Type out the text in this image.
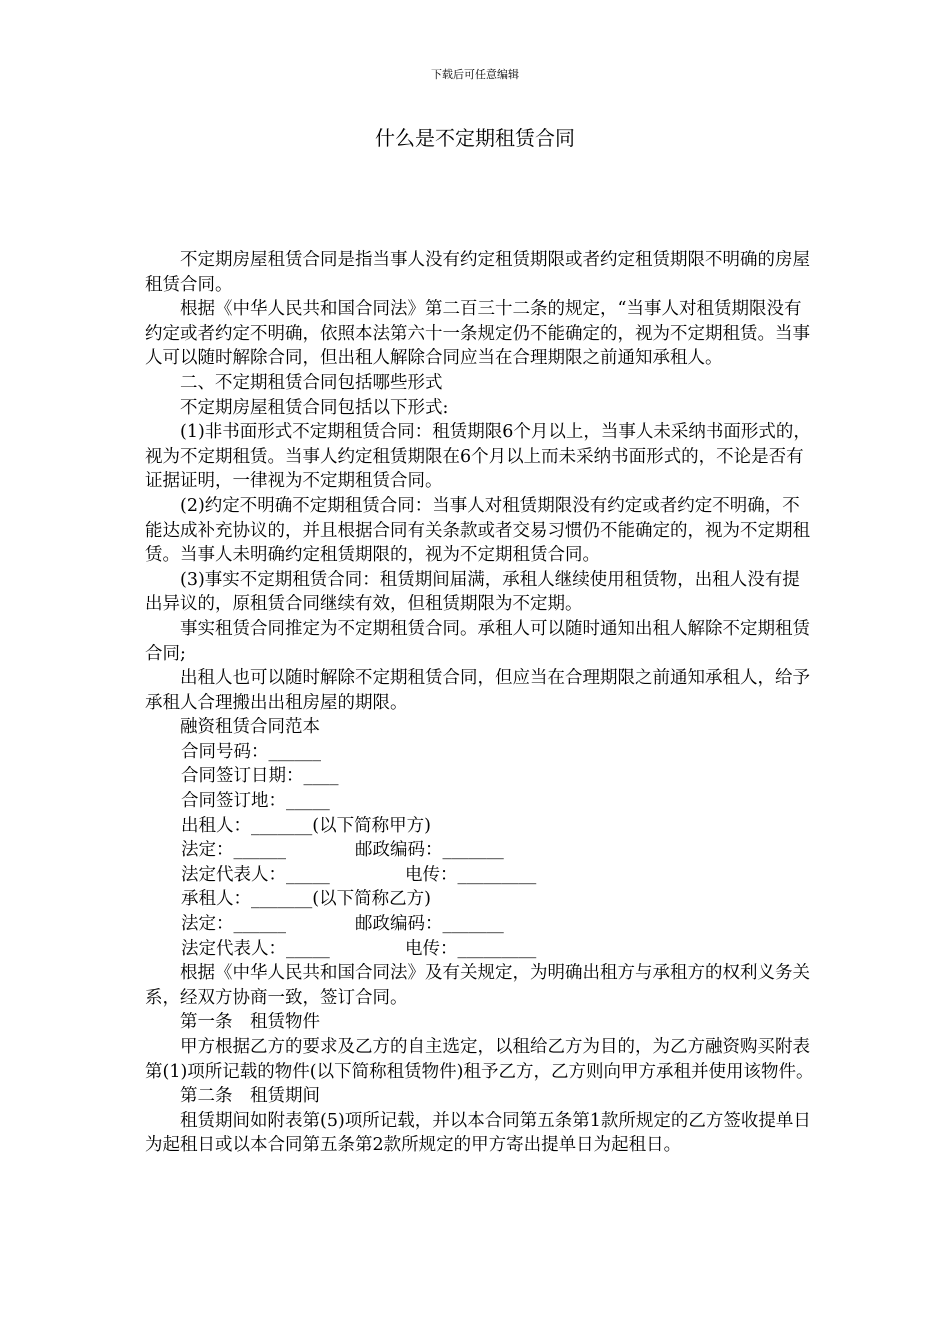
下载后可任意编辑
什么是不定期租赁合同

不定期房屋租赁合同是指当事人没有约定租赁期限或者约定租赁期限不明确的房屋租赁合同。

根据《中华人民共和国合同法》第二百三十二条的规定，“当事人对租赁期限没有约定或者约定不明确，依照本法第六十一条规定仍不能确定的，视为不定期租赁。当事人可以随时解除合同，但出租人解除合同应当在合理期限之前通知承租人。

二、不定期租赁合同包括哪些形式

不定期房屋租赁合同包括以下形式:

(1)非书面形式不定期租赁合同：租赁期限6个月以上，当事人未采纳书面形式的，视为不定期租赁。当事人约定租赁期限在6个月以上而未采纳书面形式的，不论是否有证据证明，一律视为不定期租赁合同。

(2)约定不明确不定期租赁合同：当事人对租赁期限没有约定或者约定不明确，不能达成补充协议的，并且根据合同有关条款或者交易习惯仍不能确定的，视为不定期租赁。当事人未明确约定租赁期限的，视为不定期租赁合同。

(3)事实不定期租赁合同：租赁期间届满，承租人继续使用租赁物，出租人没有提出异议的，原租赁合同继续有效，但租赁期限为不定期。

事实租赁合同推定为不定期租赁合同。承租人可以随时通知出租人解除不定期租赁合同;

出租人也可以随时解除不定期租赁合同，但应当在合理期限之前通知承租人，给予承租人合理搬出出租房屋的期限。

融资租赁合同范本

合同号码：______
合同签订日期：____
合同签订地：_____
出租人：_______(以下简称甲方)
法定：______	邮政编码：_______
法定代表人：_____	电传：_________
承租人：_______(以下简称乙方)
法定：______	邮政编码：_______
法定代表人：_____	电传：_________

根据《中华人民共和国合同法》及有关规定，为明确出租方与承租方的权利义务关系，经双方协商一致，签订合同。

第一条　租赁物件

甲方根据乙方的要求及乙方的自主选定，以租给乙方为目的，为乙方融资购买附表第(1)项所记载的物件(以下简称租赁物件)租予乙方，乙方则向甲方承租并使用该物件。

第二条　租赁期间

租赁期间如附表第(5)项所记载，并以本合同第五条第1款所规定的乙方签收提单日为起租日或以本合同第五条第2款所规定的甲方寄出提单日为起租日。
